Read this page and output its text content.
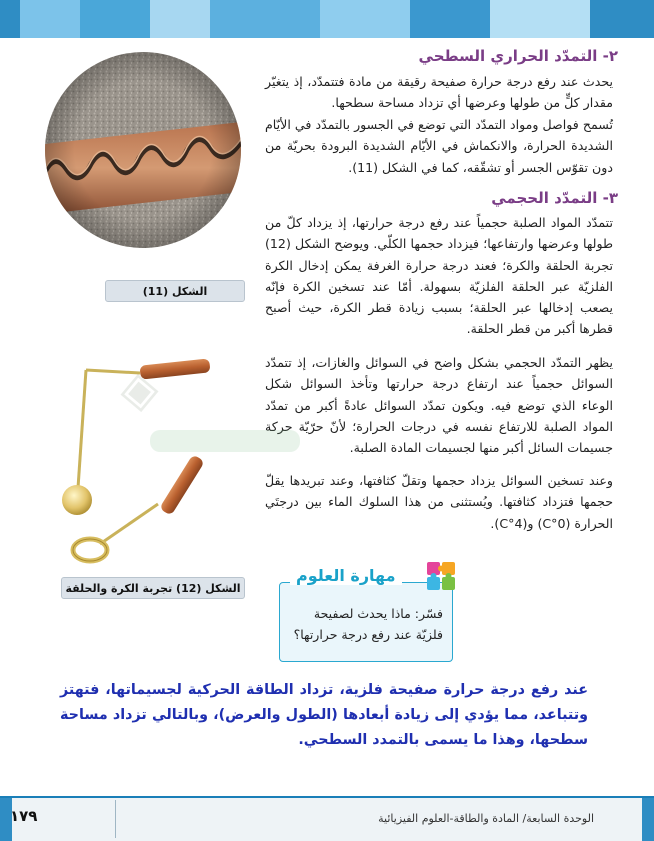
٢- التمدّد الحراري السطحي
يحدث عند رفع درجة حرارة صفيحة رقيقة من مادة فتتمدّد، إذ يتغيّر مقدار كلٍّ من طولها وعرضها أي تزداد مساحة سطحها.
تُسمح فواصل ومواد التمدّد التي توضع في الجسور بالتمدّد في الأيّام الشديدة الحرارة، والانكماش في الأيّام الشديدة البرودة بحريّة من دون تقوّس الجسر أو تشقّقه، كما في الشكل (11).
٣- التمدّد الحجمي
تتمدّد المواد الصلبة حجمياً عند رفع درجة حرارتها، إذ يزداد كلّ من طولها وعرضها وارتفاعها؛ فيزداد حجمها الكلّي. ويوضح الشكل (12) تجربة الحلقة والكرة؛ فعند درجة حرارة الغرفة يمكن إدخال الكرة الفلزيّة عبر الحلقة الفلزيّة بسهولة. أمّا عند تسخين الكرة فإنّه يصعب إدخالها عبر الحلقة؛ بسبب زيادة قطر الكرة، حيث أصبح قطرها أكبر من قطر الحلقة.
يظهر التمدّد الحجمي بشكل واضح في السوائل والغازات، إذ تتمدّد السوائل حجمياً عند ارتفاع درجة حرارتها وتأخذ السوائل شكل الوعاء الذي توضع فيه. ويكون تمدّد السوائل عادةً أكبر من تمدّد المواد الصلبة للارتفاع نفسه في درجات الحرارة؛ لأنّ حرّيّة حركة جسيمات السائل أكبر منها لجسيمات المادة الصلبة.
وعند تسخين السوائل يزداد حجمها وتقلّ كثافتها، وعند تبريدها يقلّ حجمها فتزداد كثافتها. ويُستثنى من هذا السلوك الماء بين درجتَي الحرارة (0°C) و(4°C).
الشكل (11)
الشكل (12) تجربة الكرة والحلقة
◈
مهارة العلوم
فسّر: ماذا يحدث لصفيحة فلزيّة عند رفع درجة حرارتها؟
عند رفع درجة حرارة صفيحة فلزية، تزداد الطاقة الحركية لجسيماتها، فتهتز وتتباعد، مما يؤدي إلى زيادة أبعادها (الطول والعرض)، وبالتالي تزداد مساحة سطحها، وهذا ما يسمى بالتمدد السطحي.
الوحدة السابعة/ المادة والطاقة-العلوم الفيزيائية
١٧٩
